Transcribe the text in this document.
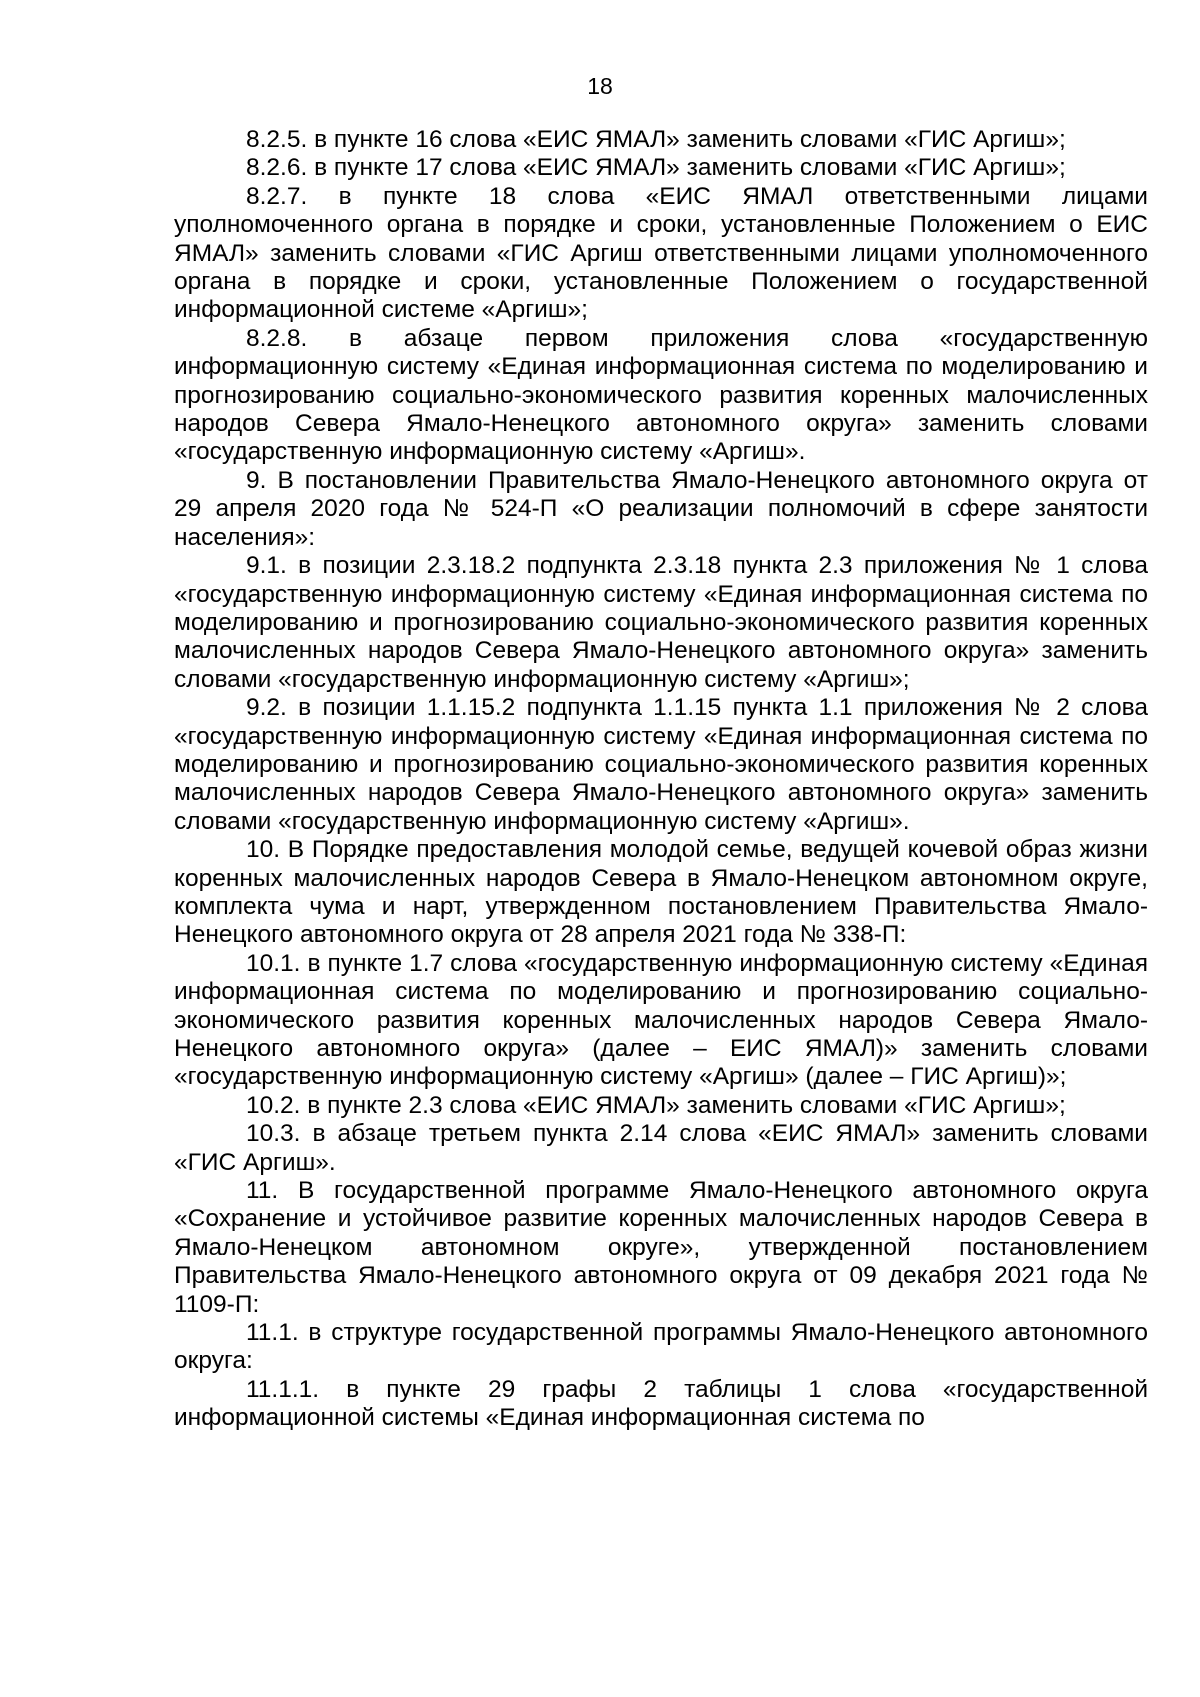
18

8.2.5. в пункте 16 слова «ЕИС ЯМАЛ» заменить словами «ГИС Аргиш»;

8.2.6. в пункте 17 слова «ЕИС ЯМАЛ» заменить словами «ГИС Аргиш»;

8.2.7. в пункте 18 слова «ЕИС ЯМАЛ ответственными лицами уполномоченного органа в порядке и сроки, установленные Положением о ЕИС ЯМАЛ» заменить словами «ГИС Аргиш ответственными лицами уполномоченного органа в порядке и сроки, установленные Положением о государственной информационной системе «Аргиш»;

8.2.8. в абзаце первом приложения слова «государственную информационную систему «Единая информационная система по моделированию и прогнозированию социально-экономического развития коренных малочисленных народов Севера Ямало-Ненецкого автономного округа» заменить словами «государственную информационную систему «Аргиш».

9. В постановлении Правительства Ямало-Ненецкого автономного округа от 29 апреля 2020 года № 524-П «О реализации полномочий в сфере занятости населения»:

9.1. в позиции 2.3.18.2 подпункта 2.3.18 пункта 2.3 приложения № 1 слова «государственную информационную систему «Единая информационная система по моделированию и прогнозированию социально-экономического развития коренных малочисленных народов Севера Ямало-Ненецкого автономного округа» заменить словами «государственную информационную систему «Аргиш»;

9.2. в позиции 1.1.15.2 подпункта 1.1.15 пункта 1.1 приложения № 2 слова «государственную информационную систему «Единая информационная система по моделированию и прогнозированию социально-экономического развития коренных малочисленных народов Севера Ямало-Ненецкого автономного округа» заменить словами «государственную информационную систему «Аргиш».

10. В Порядке предоставления молодой семье, ведущей кочевой образ жизни коренных малочисленных народов Севера в Ямало-Ненецком автономном округе, комплекта чума и нарт, утвержденном постановлением Правительства Ямало-Ненецкого автономного округа от 28 апреля 2021 года № 338-П:

10.1. в пункте 1.7 слова «государственную информационную систему «Единая информационная система по моделированию и прогнозированию социально-экономического развития коренных малочисленных народов Севера Ямало-Ненецкого автономного округа» (далее – ЕИС ЯМАЛ)» заменить словами «государственную информационную систему «Аргиш» (далее – ГИС Аргиш)»;

10.2. в пункте 2.3 слова «ЕИС ЯМАЛ» заменить словами «ГИС Аргиш»;

10.3. в абзаце третьем пункта 2.14 слова «ЕИС ЯМАЛ» заменить словами «ГИС Аргиш».

11. В государственной программе Ямало-Ненецкого автономного округа «Сохранение и устойчивое развитие коренных малочисленных народов Севера в Ямало-Ненецком автономном округе», утвержденной постановлением Правительства Ямало-Ненецкого автономного округа от 09 декабря 2021 года № 1109-П:

11.1. в структуре государственной программы Ямало-Ненецкого автономного округа:

11.1.1. в пункте 29 графы 2 таблицы 1 слова «государственной информационной системы «Единая информационная система по
